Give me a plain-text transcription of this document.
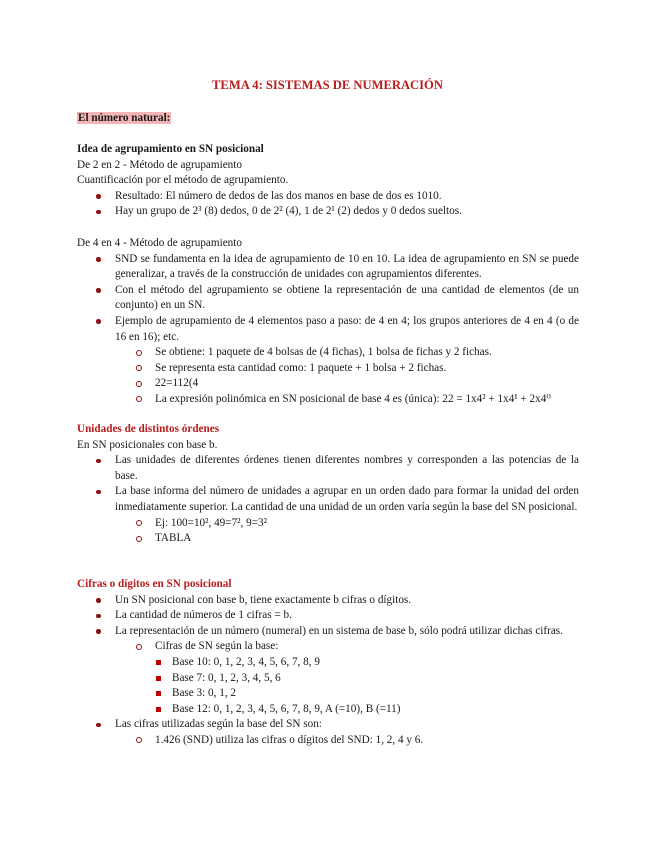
TEMA 4: SISTEMAS DE NUMERACIÓN
El número natural:
Idea de agrupamiento en SN posicional
De 2 en 2 - Método de agrupamiento
Cuantificación por el método de agrupamiento.
Resultado: El número de dedos de las dos manos en base de dos es 1010.
Hay un grupo de 2³ (8) dedos, 0 de 2² (4), 1 de 2¹ (2) dedos y 0 dedos sueltos.
De 4 en 4 - Método de agrupamiento
SND se fundamenta en la idea de agrupamiento de 10 en 10. La idea de agrupamiento en SN se puede generalizar, a través de la construcción de unidades con agrupamientos diferentes.
Con el método del agrupamiento se obtiene la representación de una cantidad de elementos (de un conjunto) en un SN.
Ejemplo de agrupamiento de 4 elementos paso a paso: de 4 en 4; los grupos anteriores de 4 en 4 (o de 16 en 16); etc.
Se obtiene: 1 paquete de 4 bolsas de (4 fichas), 1 bolsa de fichas y 2 fichas.
Se representa esta cantidad como: 1 paquete + 1 bolsa + 2 fichas.
22=112(4
La expresión polinómica en SN posicional de base 4 es (única): 22 = 1x4² + 1x4¹ + 2x4⁰
Unidades de distintos órdenes
En SN posicionales con base b.
Las unidades de diferentes órdenes tienen diferentes nombres y corresponden a las potencias de la base.
La base informa del número de unidades a agrupar en un orden dado para formar la unidad del orden inmediatamente superior. La cantidad de una unidad de un orden varía según la base del SN posicional.
Ej: 100=10², 49=7², 9=3²
TABLA
Cifras o dígitos en SN posicional
Un SN posicional con base b, tiene exactamente b cifras o dígitos.
La cantidad de números de 1 cifras = b.
La representación de un número (numeral) en un sistema de base b, sólo podrá utilizar dichas cifras.
Cifras de SN según la base:
Base 10: 0, 1, 2, 3, 4, 5, 6, 7, 8, 9
Base 7: 0, 1, 2, 3, 4, 5, 6
Base 3: 0, 1, 2
Base 12: 0, 1, 2, 3, 4, 5, 6, 7, 8, 9, A (=10), B (=11)
Las cifras utilizadas según la base del SN son:
1.426 (SND) utiliza las cifras o dígitos del SND: 1, 2, 4 y 6.
